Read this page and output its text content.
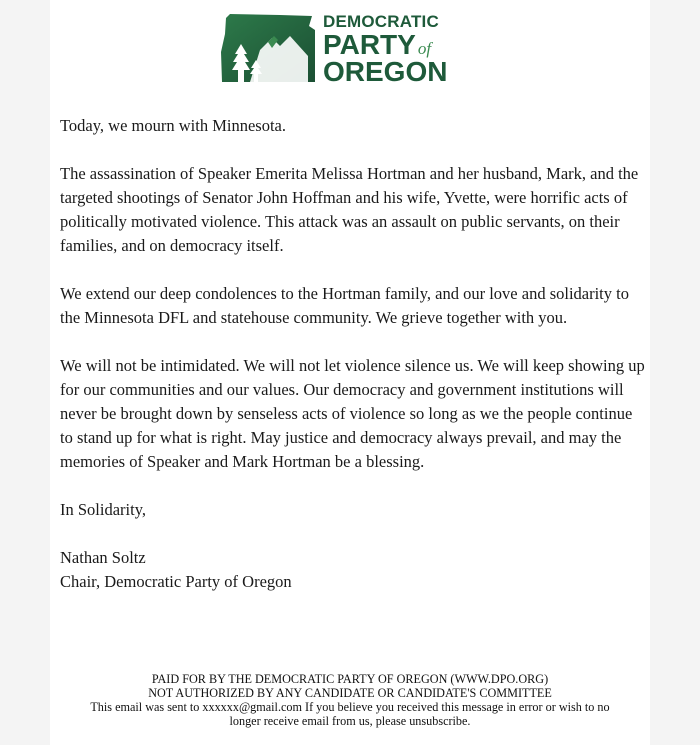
DEMOCRATIC
PARTY of
OREGON

Today, we mourn with Minnesota.

The assassination of Speaker Emerita Melissa Hortman and her husband, Mark, and the targeted shootings of Senator John Hoffman and his wife, Yvette, were horrific acts of politically motivated violence. This attack was an assault on public servants, on their families, and on democracy itself.

We extend our deep condolences to the Hortman family, and our love and solidarity to the Minnesota DFL and statehouse community. We grieve together with you.

We will not be intimidated. We will not let violence silence us. We will keep showing up for our communities and our values. Our democracy and government institutions will never be brought down by senseless acts of violence so long as we the people continue to stand up for what is right. May justice and democracy always prevail, and may the memories of Speaker and Mark Hortman be a blessing.

In Solidarity,

Nathan Soltz

Chair, Democratic Party of Oregon

PAID FOR BY THE DEMOCRATIC PARTY OF OREGON (WWW.DPO.ORG)
NOT AUTHORIZED BY ANY CANDIDATE OR CANDIDATE'S COMMITTEE
This email was sent to xxxxxx@gmail.com If you believe you received this message in error or wish to no
longer receive email from us, please unsubscribe.
